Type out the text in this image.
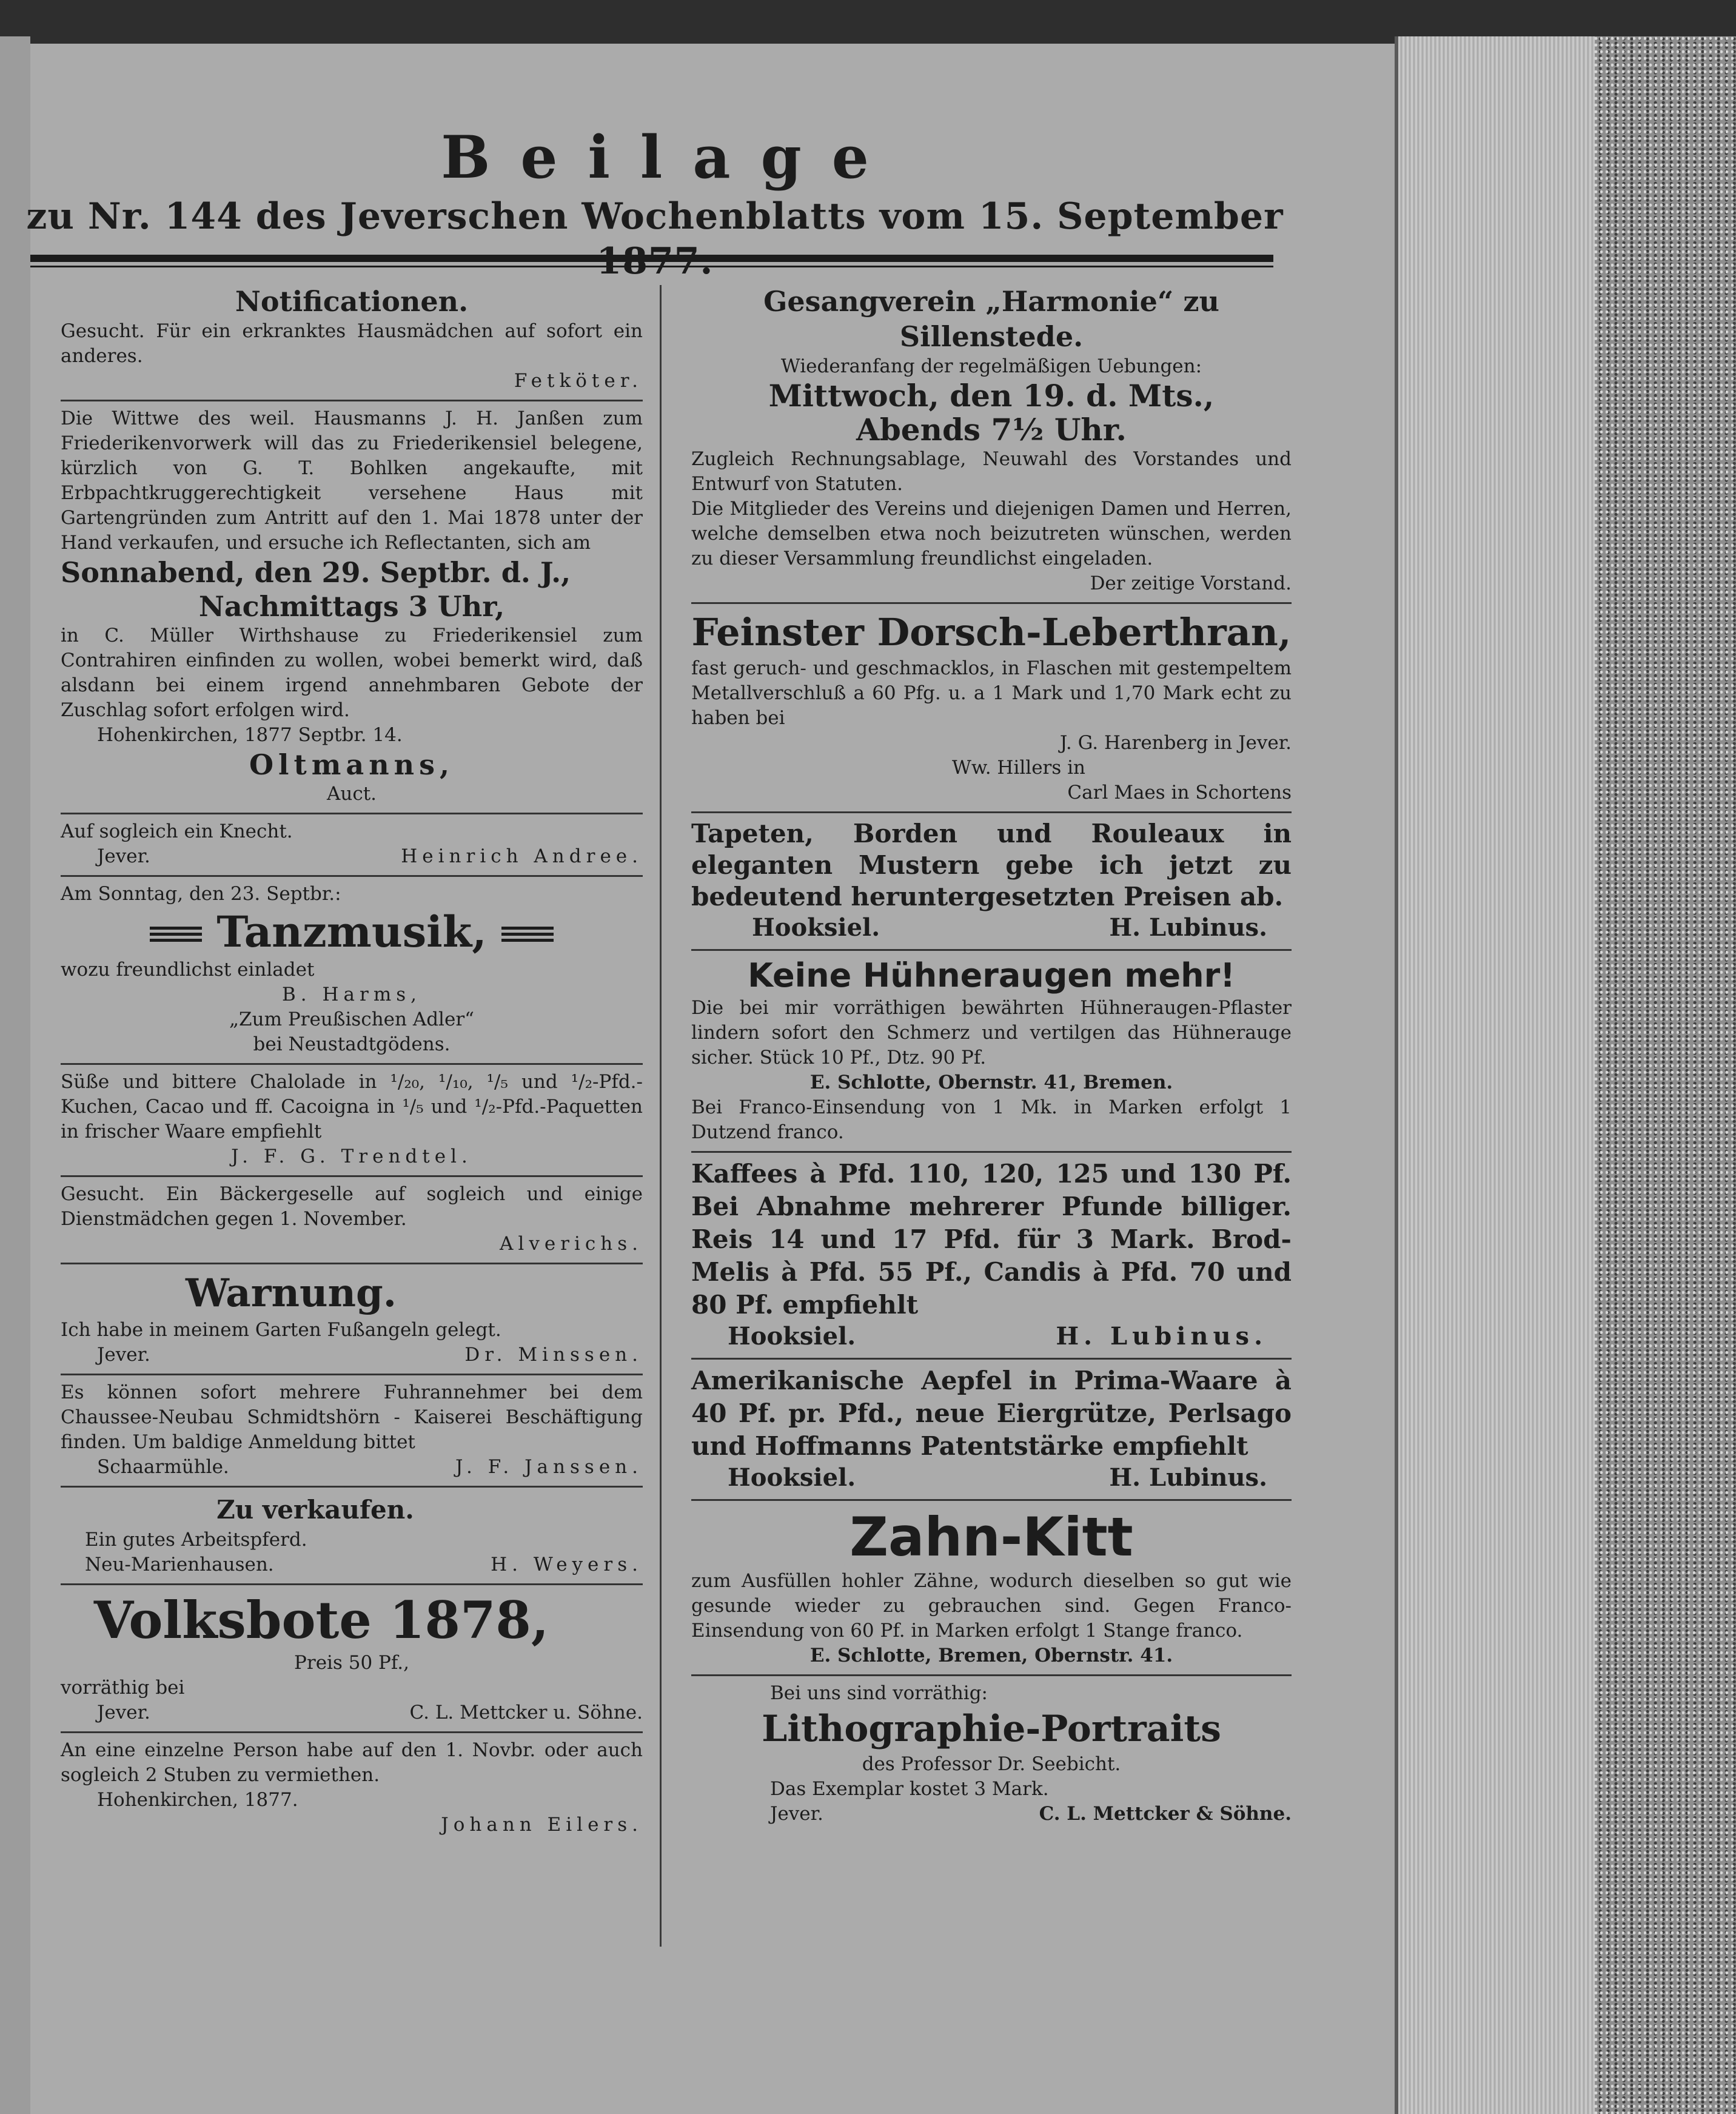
Beilage
zu Nr. 144 des Jeverschen Wochenblatts vom 15. September

Notificationen.

Gesucht. Für ein erkranktes Hausmädchen auf sofort ein anderes.

Fetköter.

Die Wittwe des weil. Hausmanns J. H. Janßen zum Friederikenvorwerk will das zu Friederikensiel belegene, kürzlich von G. T. Bohlken angekaufte, mit Erbpachtkruggerechtigkeit versehene Haus mit Gartengründen zum Antritt auf den 1. Mai 1878 unter der Hand verkaufen, und ersuche ich Reflectanten, sich am

Sonnabend, den 29. Septbr. d. J.,

Nachmittags 3 Uhr,

in C. Müller Wirthshause zu Friederikensiel zum Contrahiren einfinden zu wollen, wobei bemerkt wird, daß alsdann bei einem irgend annehmbaren Gebote der Zuschlag sofort erfolgen wird.

Hohenkirchen, 1877 Septbr. 14.

Oltmanns,

Auct.

Auf sogleich ein Knecht.

Jever.	Heinrich Andree.

Am Sonntag, den 23. Septbr.:

Tanzmusik,

wozu freundlichst einladet

B. Harms,

„Zum Preußischen Adler“

bei Neustadtgödens.

Süße und bittere Chalolade in ¹/₂₀, ¹/₁₀, ¹/₅ und ¹/₂-Pfd.-Kuchen, Cacao und ff. Cacoigna in ¹/₅ und ¹/₂-Pfd.-Paquetten in frischer Waare empfiehlt

J. F. G. Trendtel.

Gesucht. Ein Bäckergeselle auf sogleich und einige Dienstmädchen gegen 1. November.

Alverichs.

Warnung.

Ich habe in meinem Garten Fußangeln gelegt.

Jever.	Dr. Minssen.

Es können sofort mehrere Fuhrannehmer bei dem Chaussee-Neubau Schmidtshörn - Kaiserei Beschäftigung finden. Um baldige Anmeldung bittet

Schaarmühle.	J. F. Janssen.

Zu verkaufen.

Ein gutes Arbeitspferd.

Neu-Marienhausen.	H. Weyers.

Volksbote 1878,

Preis 50 Pf.,

vorräthig bei

Jever.	C. L. Mettcker u. Söhne.

An eine einzelne Person habe auf den 1. Novbr. oder auch sogleich 2 Stuben zu vermiethen.

Hohenkirchen, 1877.

Johann Eilers.

Gesangverein „Harmonie“ zu Sillenstede.

Wiederanfang der regelmäßigen Uebungen:

Mittwoch, den 19. d. Mts.,

Abends 7½ Uhr.

Zugleich Rechnungsablage, Neuwahl des Vorstandes und Entwurf von Statuten.

Die Mitglieder des Vereins und diejenigen Damen und Herren, welche demselben etwa noch beizutreten wünschen, werden zu dieser Versammlung freundlichst eingeladen.

Der zeitige Vorstand.

Feinster Dorsch-Leberthran,

fast geruch- und geschmacklos, in Flaschen mit gestempeltem Metallverschluß a 60 Pfg. u. a 1 Mark und 1,70 Mark echt zu haben bei

J. G. Harenberg in Jever.

Ww. Hillers in

Carl Maes in Schortens

Tapeten, Borden und Rouleaux in eleganten Mustern gebe ich jetzt zu bedeutend heruntergesetzten Preisen ab.

Hooksiel.	H. Lubinus.

Keine Hühneraugen mehr!

Die bei mir vorräthigen bewährten Hühneraugen-Pflaster lindern sofort den Schmerz und vertilgen das Hühnerauge sicher. Stück 10 Pf., Dtz. 90 Pf.

E. Schlotte, Obernstr. 41, Bremen.

Bei Franco-Einsendung von 1 Mk. in Marken erfolgt 1 Dutzend franco.

Kaffees à Pfd. 110, 120, 125 und 130 Pf. Bei Abnahme mehrerer Pfunde billiger. Reis 14 und 17 Pfd. für 3 Mark. Brod-Melis à Pfd. 55 Pf., Candis à Pfd. 70 und 80 Pf. empfiehlt

Hooksiel.	H. Lubinus.

Amerikanische Aepfel in Prima-Waare à 40 Pf. pr. Pfd., neue Eiergrütze, Perlsago und Hoffmanns Patentstärke empfiehlt

Hooksiel.	H. Lubinus.

Zahn-Kitt

zum Ausfüllen hohler Zähne, wodurch dieselben so gut wie gesunde wieder zu gebrauchen sind. Gegen Franco-Einsendung von 60 Pf. in Marken erfolgt 1 Stange franco.

E. Schlotte, Bremen, Obernstr. 41.

Bei uns sind vorräthig:

Lithographie-Portraits

des Professor Dr. Seebicht.

Das Exemplar kostet 3 Mark.

Jever.	C. L. Mettcker & Söhne.
